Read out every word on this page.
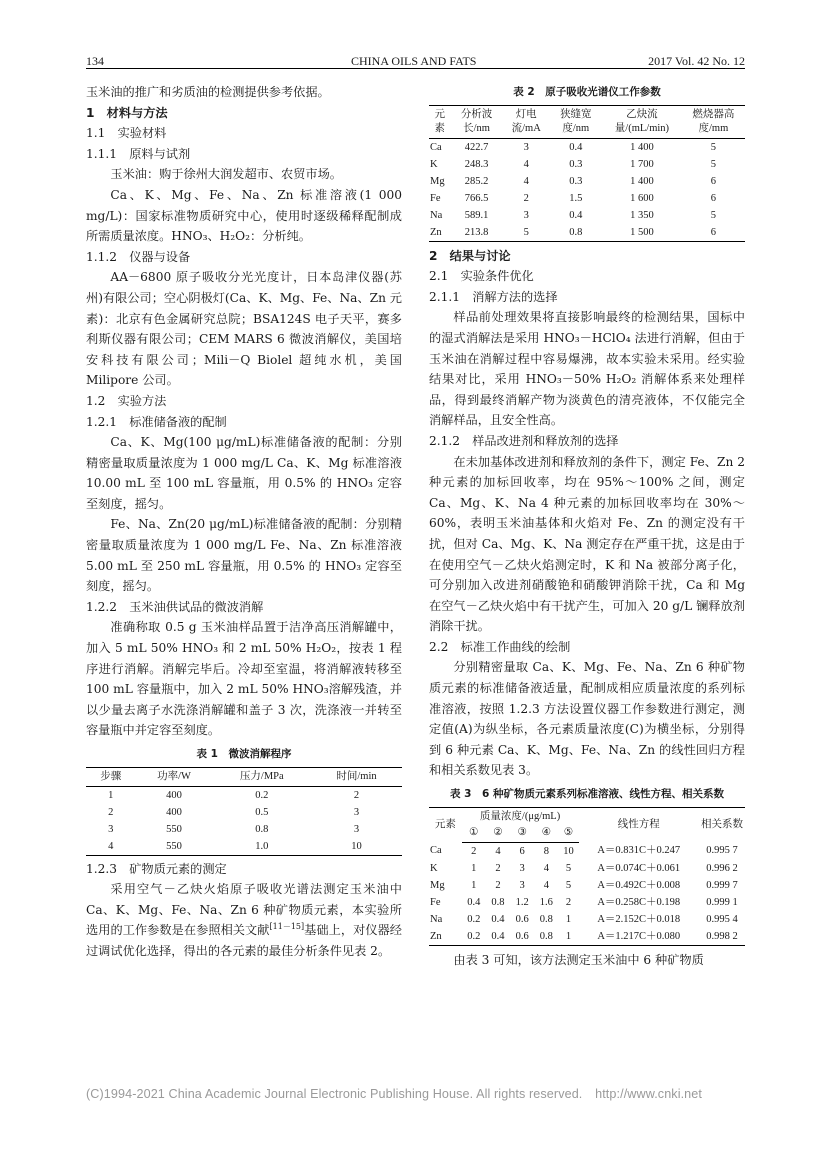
134	CHINA OILS AND FATS	2017 Vol. 42 No. 12

玉米油的推广和劣质油的检测提供参考依据。

1　材料与方法

1.1　实验材料

1.1.1　原料与试剂

玉米油：购于徐州大润发超市、农贸市场。

Ca、K、Mg、Fe、Na、Zn 标准溶液(1 000 mg/L)：国家标准物质研究中心，使用时逐级稀释配制成所需质量浓度。HNO₃、H₂O₂：分析纯。

1.1.2　仪器与设备

AA－6800 原子吸收分光光度计，日本岛津仪器(苏州)有限公司；空心阴极灯(Ca、K、Mg、Fe、Na、Zn 元素)：北京有色金属研究总院；BSA124S 电子天平，赛多利斯仪器有限公司；CEM MARS 6 微波消解仪，美国培安科技有限公司；Mili－Q Biolel 超纯水机，美国 Milipore 公司。

1.2　实验方法

1.2.1　标准储备液的配制

Ca、K、Mg(100 μg/mL)标准储备液的配制：分别精密量取质量浓度为 1 000 mg/L Ca、K、Mg 标准溶液 10.00 mL 至 100 mL 容量瓶，用 0.5% 的 HNO₃ 定容至刻度，摇匀。

Fe、Na、Zn(20 μg/mL)标准储备液的配制：分别精密量取质量浓度为 1 000 mg/L Fe、Na、Zn 标准溶液 5.00 mL 至 250 mL 容量瓶，用 0.5% 的 HNO₃ 定容至刻度，摇匀。

1.2.2　玉米油供试品的微波消解

准确称取 0.5 g 玉米油样品置于洁净高压消解罐中，加入 5 mL 50% HNO₃ 和 2 mL 50% H₂O₂，按表 1 程序进行消解。消解完毕后。冷却至室温，将消解液转移至 100 mL 容量瓶中，加入 2 mL 50% HNO₃溶解残渣，并以少量去离子水洗涤消解罐和盖子 3 次，洗涤液一并转至容量瓶中并定容至刻度。

表 1　微波消解程序
步骤	功率/W	压力/MPa	时间/min
1	400	0.2	2
2	400	0.5	3
3	550	0.8	3
4	550	1.0	10

1.2.3　矿物质元素的测定

采用空气－乙炔火焰原子吸收光谱法测定玉米油中 Ca、K、Mg、Fe、Na、Zn 6 种矿物质元素，本实验所选用的工作参数是在参照相关文献[11－15]基础上，对仪器经过调试优化选择，得出的各元素的最佳分析条件见表 2。

表 2　原子吸收光谱仪工作参数
元素	分析波长/nm	灯电流/mA	狭缝宽度/nm	乙炔流量/(mL/min)	燃烧器高度/mm
Ca	422.7	3	0.4	1 400	5
K	248.3	4	0.3	1 700	5
Mg	285.2	4	0.3	1 400	6
Fe	766.5	2	1.5	1 600	6
Na	589.1	3	0.4	1 350	5
Zn	213.8	5	0.8	1 500	6

2　结果与讨论

2.1　实验条件优化

2.1.1　消解方法的选择

样品前处理效果将直接影响最终的检测结果，国标中的湿式消解法是采用 HNO₃－HClO₄ 法进行消解，但由于玉米油在消解过程中容易爆沸，故本实验未采用。经实验结果对比，采用 HNO₃－50% H₂O₂ 消解体系来处理样品，得到最终消解产物为淡黄色的清亮液体，不仅能完全消解样品，且安全性高。

2.1.2　样品改进剂和释放剂的选择

在未加基体改进剂和释放剂的条件下，测定 Fe、Zn 2 种元素的加标回收率，均在 95%～100% 之间，测定 Ca、Mg、K、Na 4 种元素的加标回收率均在 30%～60%，表明玉米油基体和火焰对 Fe、Zn 的测定没有干扰，但对 Ca、Mg、K、Na 测定存在严重干扰，这是由于在使用空气－乙炔火焰测定时，K 和 Na 被部分离子化，可分别加入改进剂硝酸铯和硝酸钾消除干扰，Ca 和 Mg 在空气－乙炔火焰中有干扰产生，可加入 20 g/L 镧释放剂消除干扰。

2.2　标准工作曲线的绘制

分别精密量取 Ca、K、Mg、Fe、Na、Zn 6 种矿物质元素的标准储备液适量，配制成相应质量浓度的系列标准溶液，按照 1.2.3 方法设置仪器工作参数进行测定，测定值(A)为纵坐标，各元素质量浓度(C)为横坐标，分别得到 6 种元素 Ca、K、Mg、Fe、Na、Zn 的线性回归方程和相关系数见表 3。

表 3　6 种矿物质元素系列标准溶液、线性方程、相关系数
元素	质量浓度/(μg/mL)					线性方程	相关系数
	①	②	③	④	⑤		
Ca	2	4	6	8	10	A＝0.831C＋0.247	0.995 7
K	1	2	3	4	5	A＝0.074C＋0.061	0.996 2
Mg	1	2	3	4	5	A＝0.492C＋0.008	0.999 7
Fe	0.4	0.8	1.2	1.6	2	A＝0.258C＋0.198	0.999 1
Na	0.2	0.4	0.6	0.8	1	A＝2.152C＋0.018	0.995 4
Zn	0.2	0.4	0.6	0.8	1	A＝1.217C＋0.080	0.998 2

由表 3 可知，该方法测定玉米油中 6 种矿物质

(C)1994-2021 China Academic Journal Electronic Publishing House. All rights reserved.　http://www.cnki.net
